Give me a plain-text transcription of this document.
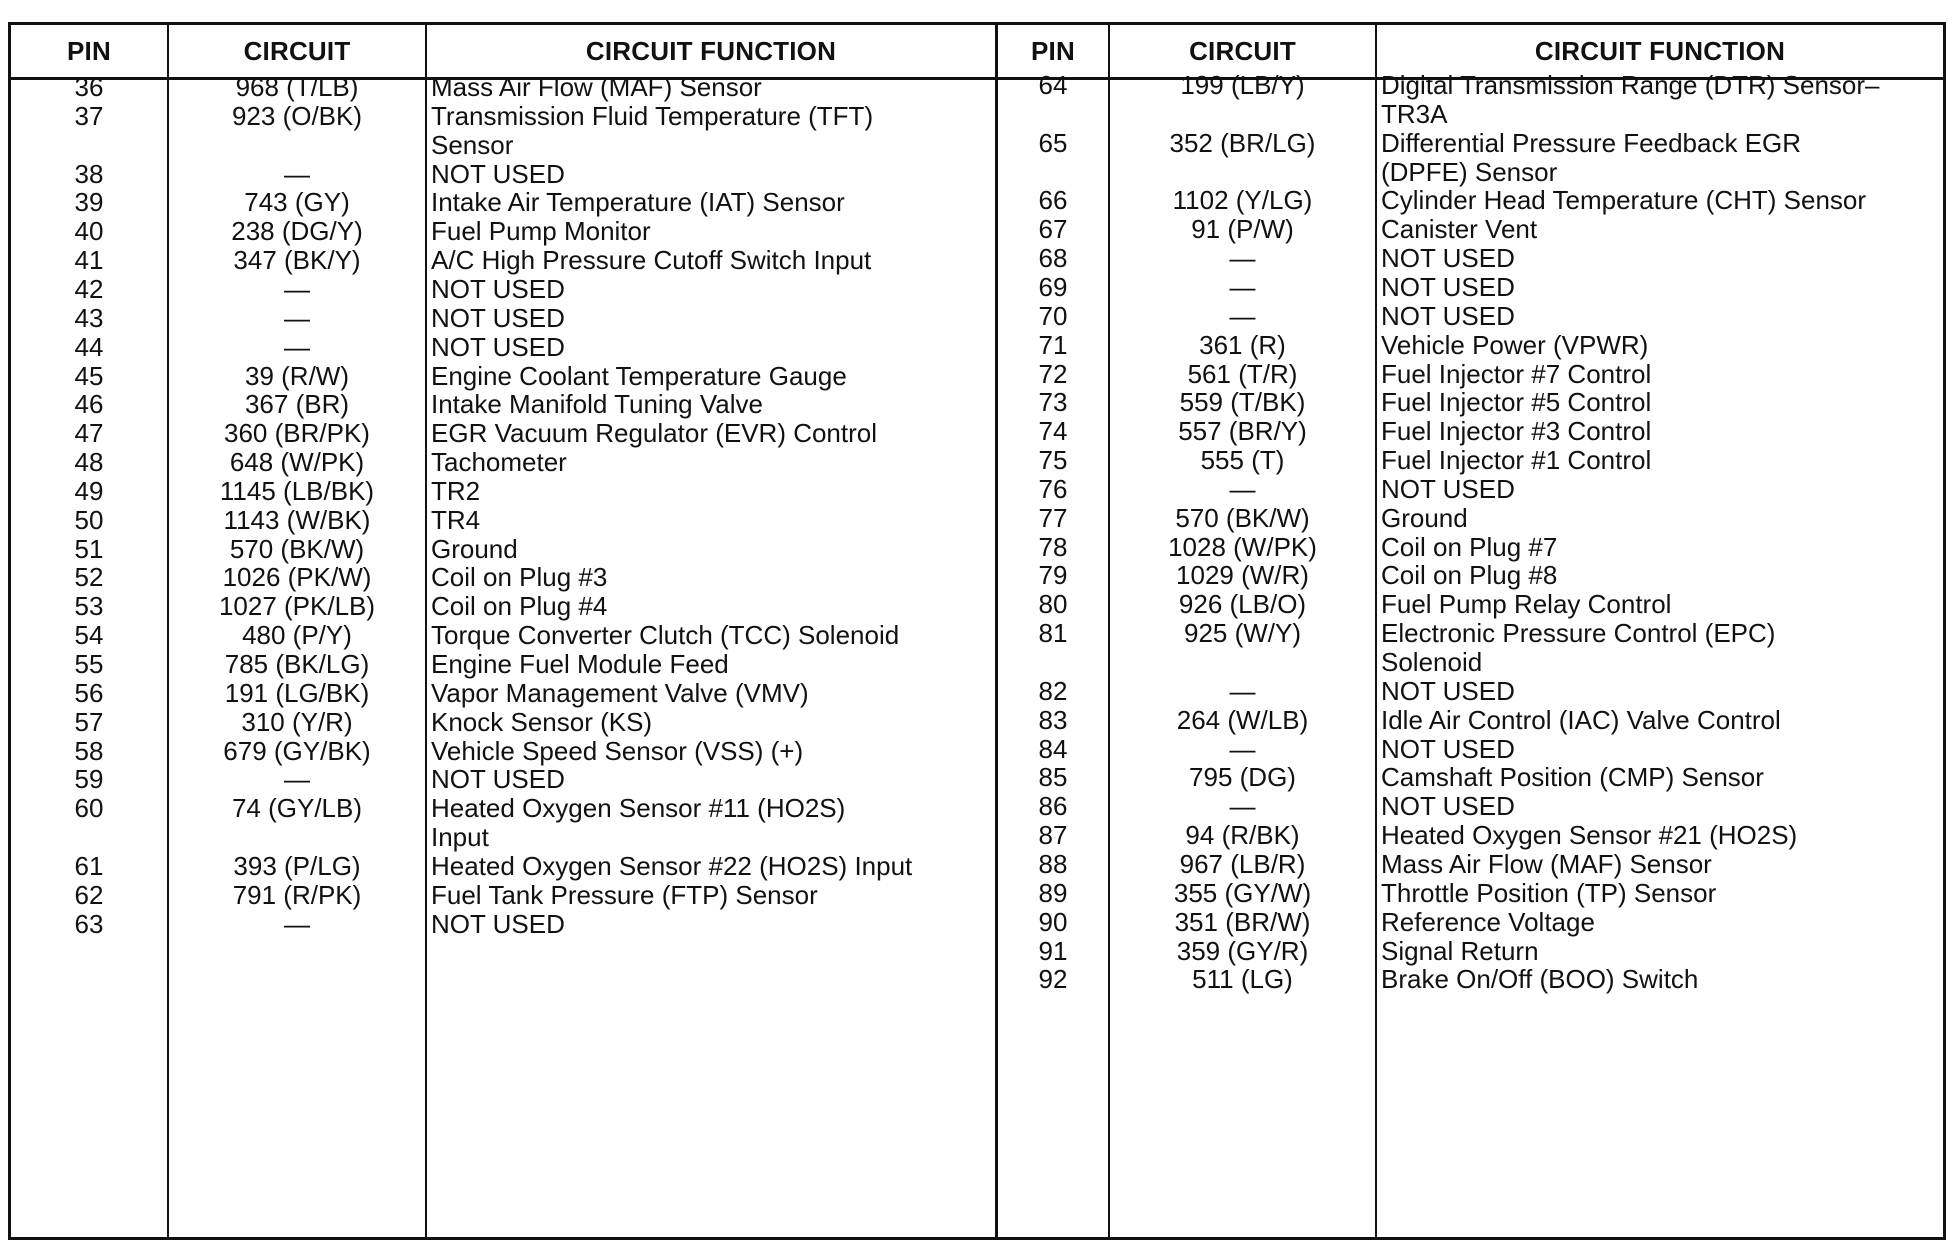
PIN	CIRCUIT	CIRCUIT FUNCTION	PIN	CIRCUIT	CIRCUIT FUNCTION
36	968 (T/LB)	Mass Air Flow (MAF) Sensor
37	923 (O/BK)	Transmission Fluid Temperature (TFT)
Sensor
38	—	NOT USED
39	743 (GY)	Intake Air Temperature (IAT) Sensor
40	238 (DG/Y)	Fuel Pump Monitor
41	347 (BK/Y)	A/C High Pressure Cutoff Switch Input
42	—	NOT USED
43	—	NOT USED
44	—	NOT USED
45	39 (R/W)	Engine Coolant Temperature Gauge
46	367 (BR)	Intake Manifold Tuning Valve
47	360 (BR/PK)	EGR Vacuum Regulator (EVR) Control
48	648 (W/PK)	Tachometer
49	1145 (LB/BK)	TR2
50	1143 (W/BK)	TR4
51	570 (BK/W)	Ground
52	1026 (PK/W)	Coil on Plug #3
53	1027 (PK/LB)	Coil on Plug #4
54	480 (P/Y)	Torque Converter Clutch (TCC) Solenoid
55	785 (BK/LG)	Engine Fuel Module Feed
56	191 (LG/BK)	Vapor Management Valve (VMV)
57	310 (Y/R)	Knock Sensor (KS)
58	679 (GY/BK)	Vehicle Speed Sensor (VSS) (+)
59	—	NOT USED
60	74 (GY/LB)	Heated Oxygen Sensor #11 (HO2S)
Input
61	393 (P/LG)	Heated Oxygen Sensor #22 (HO2S) Input
62	791 (R/PK)	Fuel Tank Pressure (FTP) Sensor
63	—	NOT USED
64	199 (LB/Y)	Digital Transmission Range (DTR) Sensor–
TR3A
65	352 (BR/LG)	Differential Pressure Feedback EGR
(DPFE) Sensor
66	1102 (Y/LG)	Cylinder Head Temperature (CHT) Sensor
67	91 (P/W)	Canister Vent
68	—	NOT USED
69	—	NOT USED
70	—	NOT USED
71	361 (R)	Vehicle Power (VPWR)
72	561 (T/R)	Fuel Injector #7 Control
73	559 (T/BK)	Fuel Injector #5 Control
74	557 (BR/Y)	Fuel Injector #3 Control
75	555 (T)	Fuel Injector #1 Control
76	—	NOT USED
77	570 (BK/W)	Ground
78	1028 (W/PK)	Coil on Plug #7
79	1029 (W/R)	Coil on Plug #8
80	926 (LB/O)	Fuel Pump Relay Control
81	925 (W/Y)	Electronic Pressure Control (EPC)
Solenoid
82	—	NOT USED
83	264 (W/LB)	Idle Air Control (IAC) Valve Control
84	—	NOT USED
85	795 (DG)	Camshaft Position (CMP) Sensor
86	—	NOT USED
87	94 (R/BK)	Heated Oxygen Sensor #21 (HO2S)
88	967 (LB/R)	Mass Air Flow (MAF) Sensor
89	355 (GY/W)	Throttle Position (TP) Sensor
90	351 (BR/W)	Reference Voltage
91	359 (GY/R)	Signal Return
92	511 (LG)	Brake On/Off (BOO) Switch
